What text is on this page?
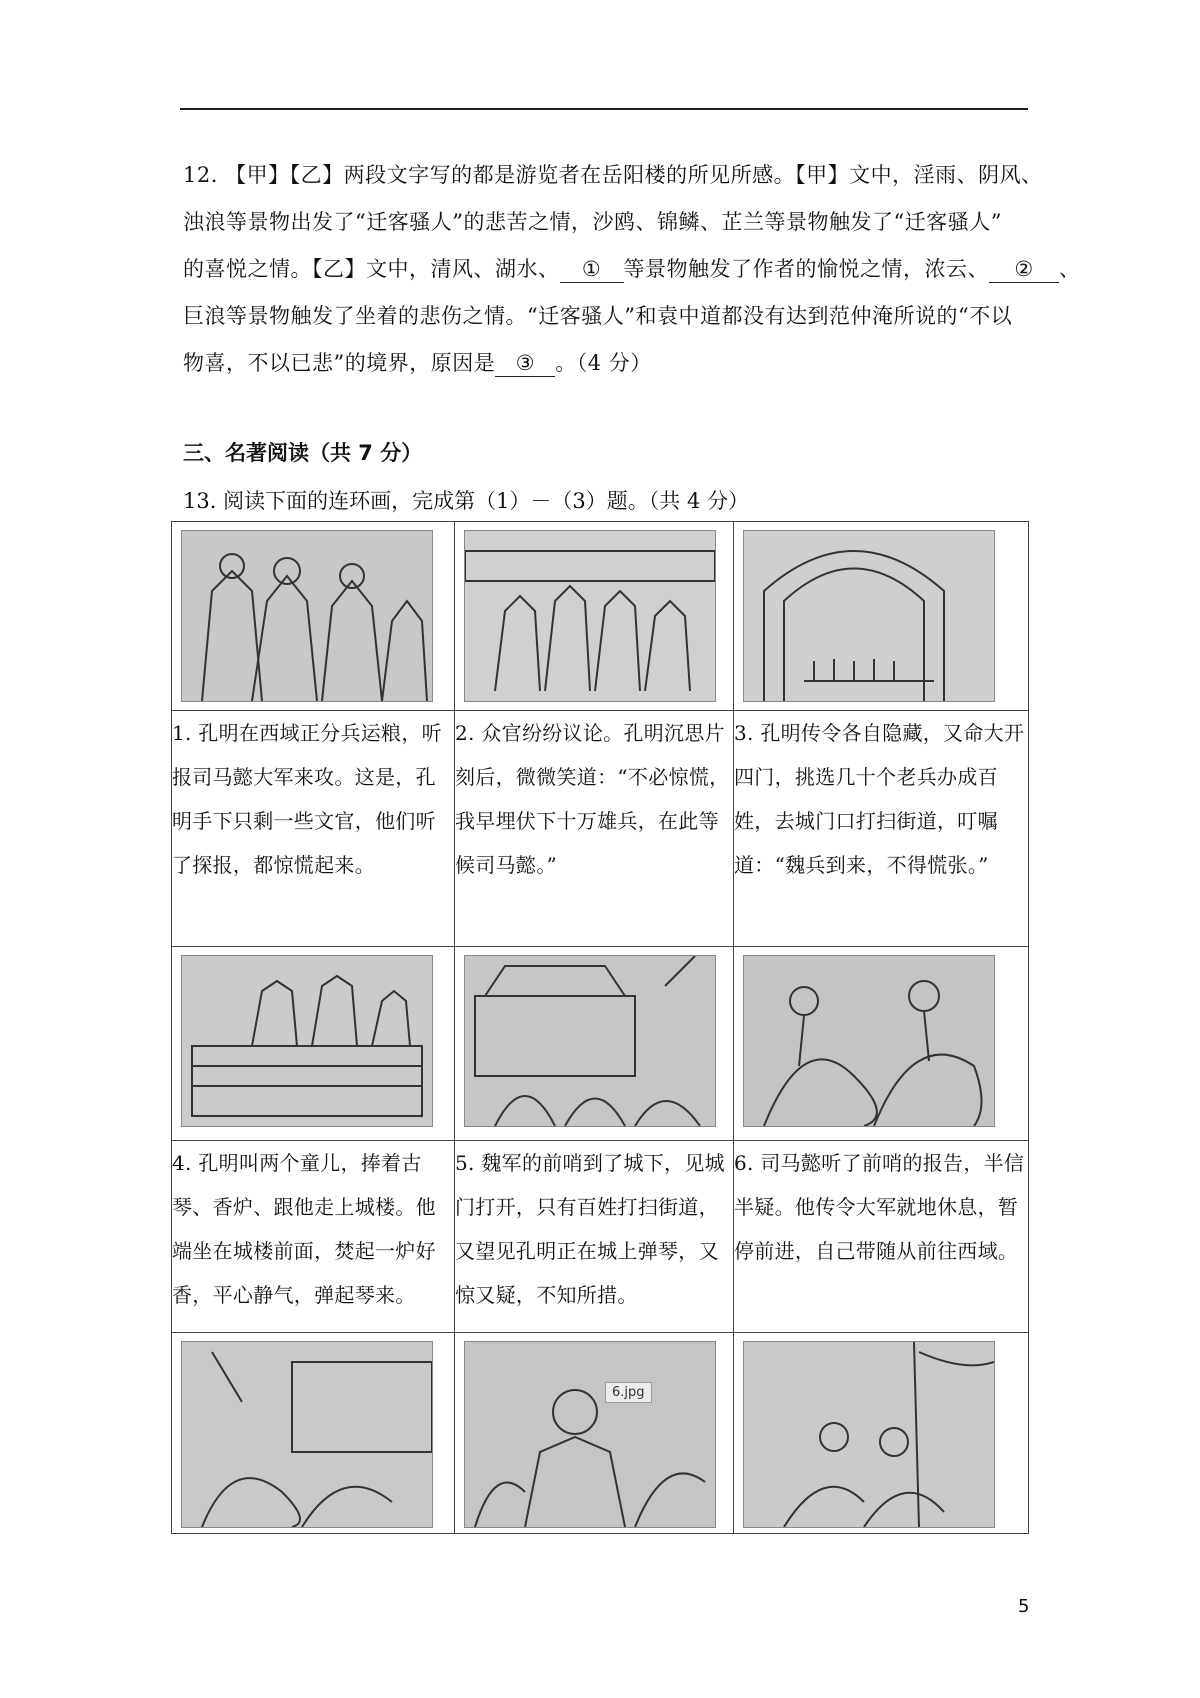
12. 【甲】【乙】两段文字写的都是游览者在岳阳楼的所见所感。【甲】文中，淫雨、阴风、

浊浪等景物出发了“迁客骚人”的悲苦之情，沙鸥、锦鳞、芷兰等景物触发了“迁客骚人”

的喜悦之情。【乙】文中，清风、湖水、 ① 等景物触发了作者的愉悦之情，浓云、 ② 、

巨浪等景物触发了坐着的悲伤之情。“迁客骚人”和袁中道都没有达到范仲淹所说的“不以

物喜，不以已悲”的境界，原因是 ③ 。（4 分）

三、名著阅读（共 7 分）
13. 阅读下面的连环画，完成第（1）－（3）题。（共 4 分）

1. 孔明在西域正分兵运粮，听报司马懿大军来攻。这是，孔明手下只剩一些文官，他们听了探报，都惊慌起来。	2. 众官纷纷议论。孔明沉思片刻后，微微笑道：“不必惊慌，我早埋伏下十万雄兵，在此等候司马懿。”	3. 孔明传令各自隐藏，又命大开四门，挑选几十个老兵办成百姓，去城门口打扫街道，叮嘱道：“魏兵到来，不得慌张。”

4. 孔明叫两个童儿，捧着古琴、香炉、跟他走上城楼。他端坐在城楼前面，焚起一炉好香，平心静气，弹起琴来。	5. 魏军的前哨到了城下，见城门打开，只有百姓打扫街道，又望见孔明正在城上弹琴，又惊又疑，不知所措。	6. 司马懿听了前哨的报告，半信半疑。他传令大军就地休息，暂停前进，自己带随从前往西域。

6.jpg

5
